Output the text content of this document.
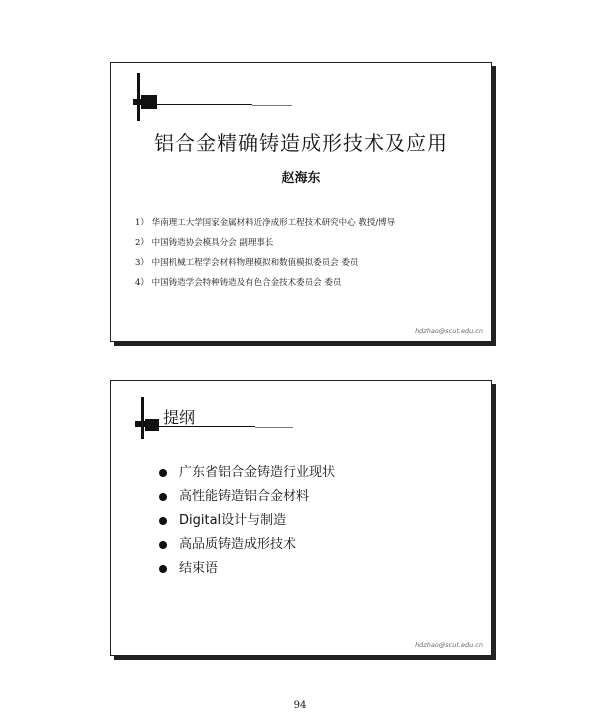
铝合金精确铸造成形技术及应用
赵海东
1） 华南理工大学国家金属材料近净成形工程技术研究中心 教授/博导
2） 中国铸造协会模具分会 副理事长
3） 中国机械工程学会材料物理模拟和数值模拟委员会 委员
4） 中国铸造学会特种铸造及有色合金技术委员会 委员
hdzhao@scut.edu.cn
提纲
广东省铝合金铸造行业现状
高性能铸造铝合金材料
Digital设计与制造
高品质铸造成形技术
结束语
hdzhao@scut.edu.cn
94
